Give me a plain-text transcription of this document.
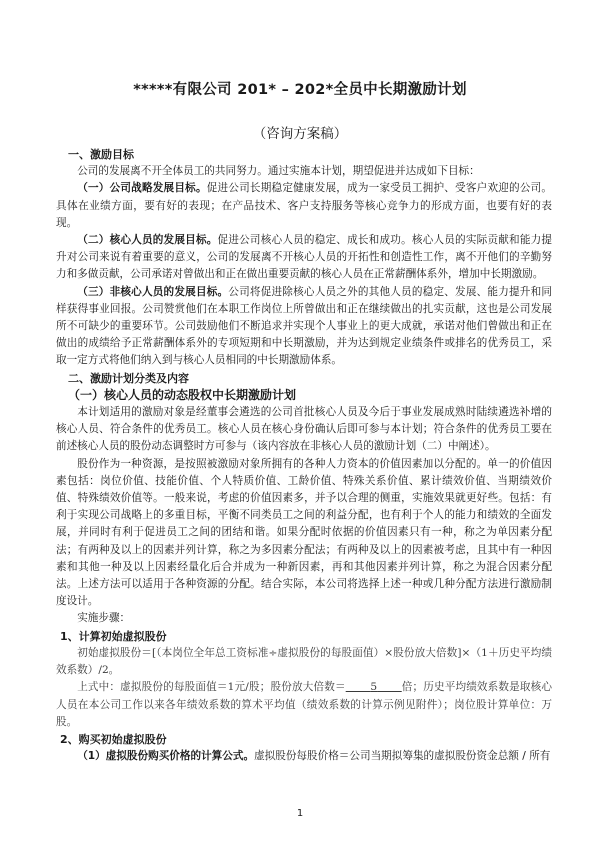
*****有限公司 201* – 202*全员中长期激励计划
（咨询方案稿）
一、激励目标

公司的发展离不开全体员工的共同努力。通过实施本计划，期望促进并达成如下目标：

（一）公司战略发展目标。促进公司长期稳定健康发展，成为一家受员工拥护、受客户欢迎的公司。具体在业绩方面，要有好的表现；在产品技术、客户支持服务等核心竞争力的形成方面，也要有好的表现。

（二）核心人员的发展目标。促进公司核心人员的稳定、成长和成功。核心人员的实际贡献和能力提升对公司来说有着重要的意义，公司的发展离不开核心人员的开拓性和创造性工作，离不开他们的辛勤努力和多做贡献，公司承诺对曾做出和正在做出重要贡献的核心人员在正常薪酬体系外，增加中长期激励。

（三）非核心人员的发展目标。公司将促进除核心人员之外的其他人员的稳定、发展、能力提升和同样获得事业回报。公司赞赏他们在本职工作岗位上所曾做出和正在继续做出的扎实贡献，这也是公司发展所不可缺少的重要环节。公司鼓励他们不断追求并实现个人事业上的更大成就，承诺对他们曾做出和正在做出的成绩给予正常薪酬体系外的专项短期和中长期激励，并为达到规定业绩条件或排名的优秀员工，采取一定方式将他们纳入到与核心人员相同的中长期激励体系。

二、激励计划分类及内容
（一）核心人员的动态股权中长期激励计划

本计划适用的激励对象是经董事会遴选的公司首批核心人员及今后于事业发展成熟时陆续遴选补增的核心人员、符合条件的优秀员工。核心人员在核心身份确认后即可参与本计划；符合条件的优秀员工要在前述核心人员的股份动态调整时方可参与（该内容放在非核心人员的激励计划（二）中阐述）。

股份作为一种资源，是按照被激励对象所拥有的各种人力资本的价值因素加以分配的。单一的价值因素包括：岗位价值、技能价值、个人特质价值、工龄价值、特殊关系价值、累计绩效价值、当期绩效价值、特殊绩效价值等。一般来说，考虑的价值因素多，并予以合理的侧重，实施效果就更好些。包括：有利于实现公司战略上的多重目标，平衡不同类员工之间的利益分配，也有利于个人的能力和绩效的全面发展，并同时有利于促进员工之间的团结和谐。如果分配时依据的价值因素只有一种，称之为单因素分配法；有两种及以上的因素并列计算，称之为多因素分配法；有两种及以上的因素被考虑，且其中有一种因素和其他一种及以上因素经量化后合并成为一种新因素，再和其他因素并列计算，称之为混合因素分配法。上述方法可以适用于各种资源的分配。结合实际，本公司将选择上述一种或几种分配方法进行激励制度设计。

实施步骤：

1、计算初始虚拟股份

初始虚拟股份＝[（本岗位全年总工资标准÷虚拟股份的每股面值）×股份放大倍数]×（1＋历史平均绩效系数）/2。

上式中：虚拟股份的每股面值＝1元/股；股份放大倍数＝ 5 倍；历史平均绩效系数是取核心人员在本公司工作以来各年绩效系数的算术平均值（绩效系数的计算示例见附件）；岗位股计算单位：万股。

2、购买初始虚拟股份

（1）虚拟股份购买价格的计算公式。虚拟股份每股价格＝公司当期拟筹集的虚拟股份资金总额 / 所有

1
